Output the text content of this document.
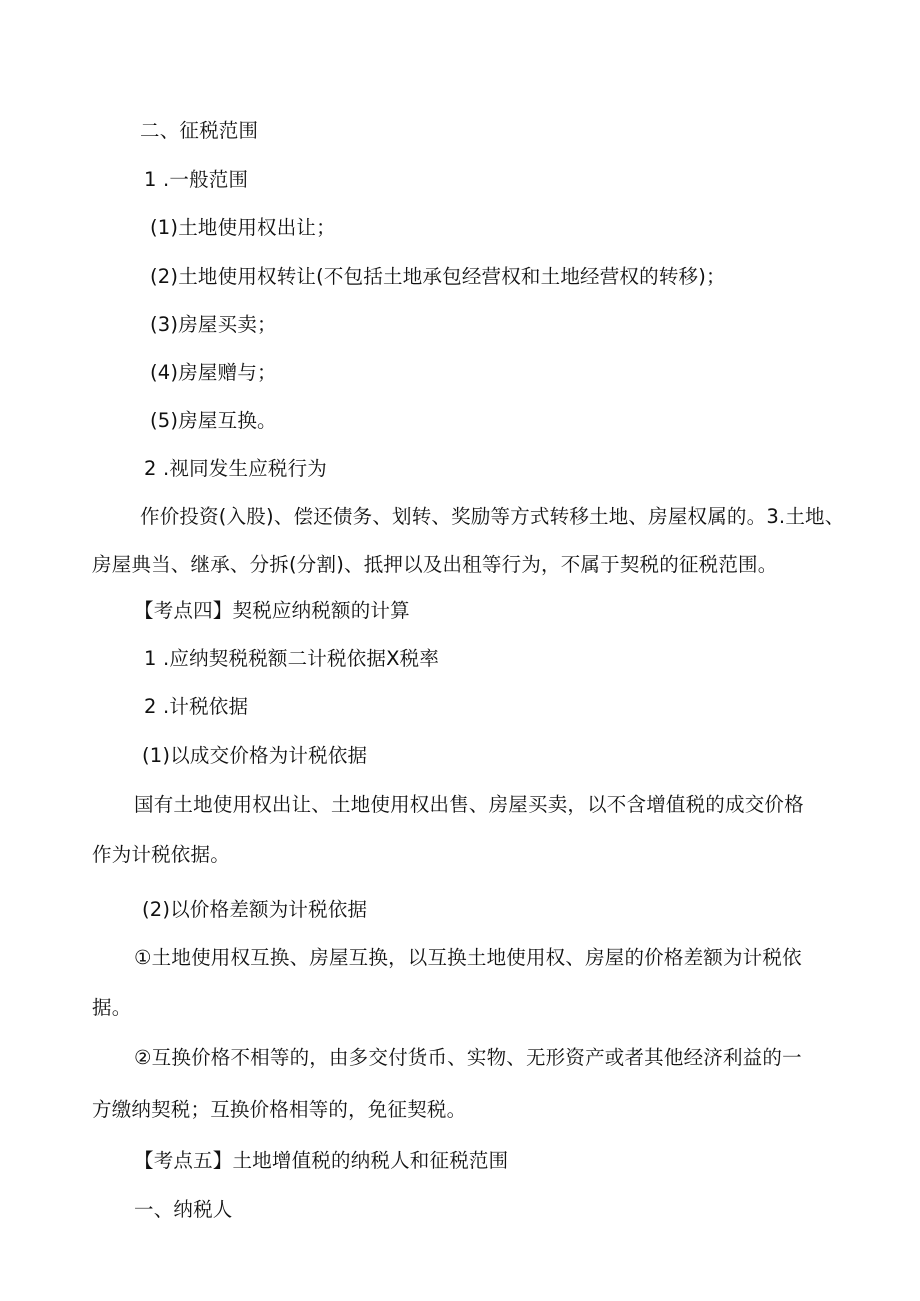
二、征税范围
1 .一般范围
(1)土地使用权出让；
(2)土地使用权转让(不包括土地承包经营权和土地经营权的转移)；
(3)房屋买卖；
(4)房屋赠与；
(5)房屋互换。
2 .视同发生应税行为
作价投资(入股)、偿还债务、划转、奖励等方式转移土地、房屋权属的。3.土地、
房屋典当、继承、分拆(分割)、抵押以及出租等行为，不属于契税的征税范围。
【考点四】契税应纳税额的计算
1 .应纳契税税额二计税依据X税率
2 .计税依据
(1)以成交价格为计税依据
国有土地使用权出让、土地使用权出售、房屋买卖，以不含增值税的成交价格
作为计税依据。
(2)以价格差额为计税依据
①土地使用权互换、房屋互换，以互换土地使用权、房屋的价格差额为计税依
据。
②互换价格不相等的，由多交付货币、实物、无形资产或者其他经济利益的一
方缴纳契税；互换价格相等的，免征契税。
【考点五】土地增值税的纳税人和征税范围
一、纳税人
